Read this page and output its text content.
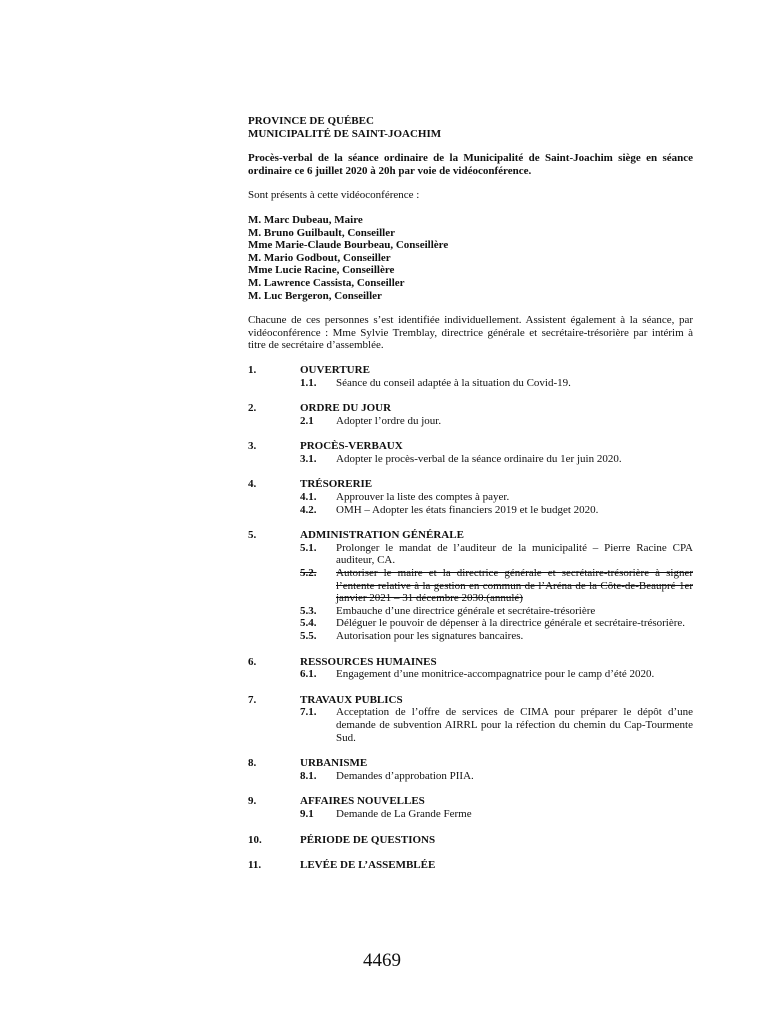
PROVINCE DE QUÉBEC
MUNICIPALITÉ DE SAINT-JOACHIM
Procès-verbal de la séance ordinaire de la Municipalité de Saint-Joachim siège en séance ordinaire ce 6 juillet 2020 à 20h par voie de vidéoconférence.
Sont présents à cette vidéoconférence :
M. Marc Dubeau, Maire
M. Bruno Guilbault, Conseiller
Mme Marie-Claude Bourbeau, Conseillère
M. Mario Godbout, Conseiller
Mme Lucie Racine, Conseillère
M. Lawrence Cassista, Conseiller
M. Luc Bergeron, Conseiller
Chacune de ces personnes s’est identifiée individuellement. Assistent également à la séance, par vidéoconférence : Mme Sylvie Tremblay, directrice générale et secrétaire-trésorière par intérim à titre de secrétaire d’assemblée.
1.	OUVERTURE
1.1.	Séance du conseil adaptée à la situation du Covid-19.
2.	ORDRE DU JOUR
2.1	Adopter l’ordre du jour.
3.	PROCÈS-VERBAUX
3.1.	Adopter le procès-verbal de la séance ordinaire du 1er juin 2020.
4.	TRÉSORERIE
4.1.	Approuver la liste des comptes à payer.
4.2.	OMH – Adopter les états financiers 2019 et le budget 2020.
5.	ADMINISTRATION GÉNÉRALE
5.1.	Prolonger le mandat de l’auditeur de la municipalité – Pierre Racine CPA auditeur, CA.
5.2.	Autoriser le maire et la directrice générale et secrétaire-trésorière à signer l’entente relative à la gestion en commun de l’Aréna de la Côte-de-Beaupré 1er janvier 2021 – 31 décembre 2030.(annulé)
5.3.	Embauche d’une directrice générale et secrétaire-trésorière
5.4.	Déléguer le pouvoir de dépenser à la directrice générale et secrétaire-trésorière.
5.5.	Autorisation pour les signatures bancaires.
6.	RESSOURCES HUMAINES
6.1.	Engagement d’une monitrice-accompagnatrice pour le camp d’été 2020.
7.	TRAVAUX PUBLICS
7.1.	Acceptation de l’offre de services de CIMA pour préparer le dépôt d’une demande de subvention AIRRL pour la réfection du chemin du Cap-Tourmente Sud.
8.	URBANISME
8.1.	Demandes d’approbation PIIA.
9.	AFFAIRES NOUVELLES
9.1	Demande de La Grande Ferme
10.	PÉRIODE DE QUESTIONS
11.	LEVÉE DE L’ASSEMBLÉE
4469
